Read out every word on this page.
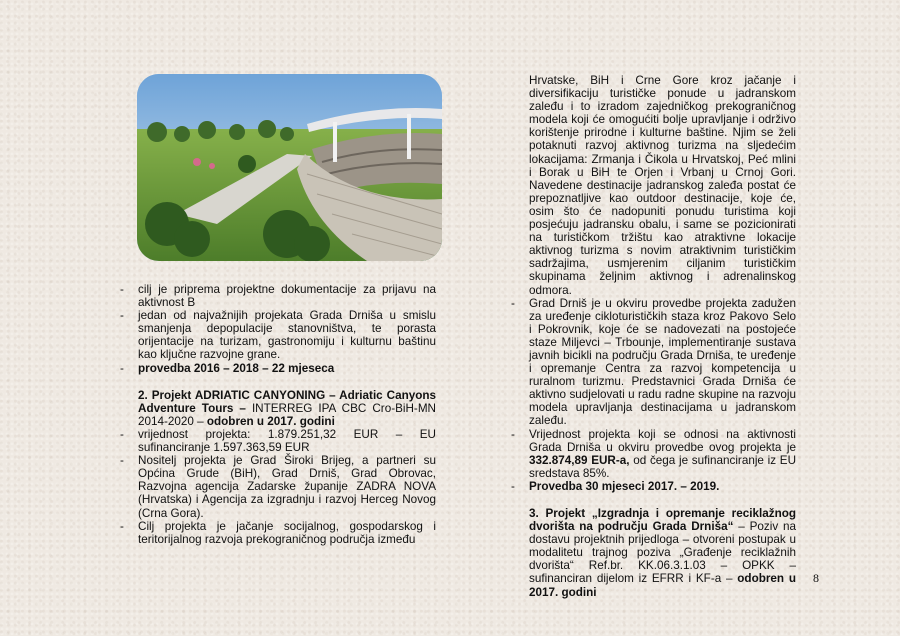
- cilj je priprema projektne dokumentacije za prijavu na aktivnost B

- jedan od najvažnijih projekata Grada Drniša u smislu smanjenja depopulacije stanovništva, te porasta orijentacije na turizam, gastronomiju i kulturnu baštinu kao ključne razvojne grane.

- provedba 2016 – 2018 – 22 mjeseca

2. Projekt ADRIATIC CANYONING – Adriatic Canyons Adventure Tours – INTERREG IPA CBC Cro-BiH-MN 2014-2020 – odobren u 2017. godini

- vrijednost projekta: 1.879.251,32 EUR – EU sufinanciranje 1.597.363,59 EUR

- Nositelj projekta je Grad Široki Brijeg, a partneri su Općina Grude (BiH), Grad Drniš, Grad Obrovac, Razvojna agencija Zadarske županije ZADRA NOVA (Hrvatska) i Agencija za izgradnju i razvoj Herceg Novog (Crna Gora).

- Cilj projekta je jačanje socijalnog, gospodarskog i teritorijalnog razvoja prekograničnog područja između

Hrvatske, BiH i Crne Gore kroz jačanje i diversifikaciju turističke ponude u jadranskom zaleđu i to izradom zajedničkog prekograničnog modela koji će omogućiti bolje upravljanje i održivo korištenje prirodne i kulturne baštine. Njim se želi potaknuti razvoj aktivnog turizma na sljedećim lokacijama: Zrmanja i Čikola u Hrvatskoj, Peć mlini i Borak u BiH te Orjen i Vrbanj u Crnoj Gori. Navedene destinacije jadranskog zaleđa postat će prepoznatljive kao outdoor destinacije, koje će, osim što će nadopuniti ponudu turistima koji posjećuju jadransku obalu, i same se pozicionirati na turističkom tržištu kao atraktivne lokacije aktivnog turizma s novim atraktivnim turističkim sadržajima, usmjerenim ciljanim turističkim skupinama željnim aktivnog i adrenalinskog odmora.

- Grad Drniš je u okviru provedbe projekta zadužen za uređenje cikloturističkih staza kroz Pakovo Selo i Pokrovnik, koje će se nadovezati na postojeće staze Miljevci – Trbounje, implementiranje sustava javnih bicikli na području Grada Drniša, te uređenje i opremanje Centra za razvoj kompetencija u ruralnom turizmu. Predstavnici Grada Drniša će aktivno sudjelovati u radu radne skupine na razvoju modela upravljanja destinacijama u jadranskom zaleđu.

- Vrijednost projekta koji se odnosi na aktivnosti Grada Drniša u okviru provedbe ovog projekta je 332.874,89 EUR-a, od čega je sufinanciranje iz EU sredstava 85%.

- Provedba 30 mjeseci 2017. – 2019.

3. Projekt „Izgradnja i opremanje reciklažnog dvorišta na području Grada Drniša“ – Poziv na dostavu projektnih prijedloga – otvoreni postupak u modalitetu trajnog poziva „Građenje reciklažnih dvorišta“ Ref.br. KK.06.3.1.03 – OPKK – sufinanciran dijelom iz EFRR i KF-a – odobren u 2017. godini

8
